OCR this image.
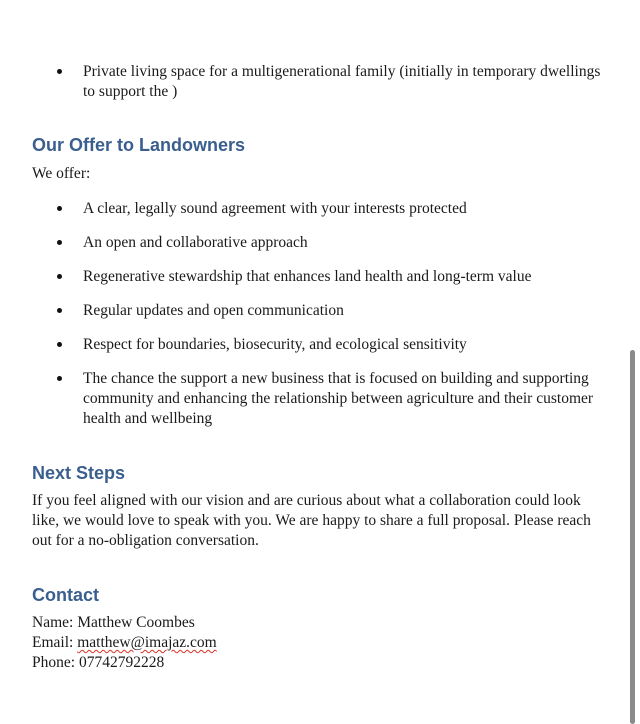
Private living space for a multigenerational family (initially in temporary dwellings
to support the )
Our Offer to Landowners

We offer:

A clear, legally sound agreement with your interests protected
An open and collaborative approach
Regenerative stewardship that enhances land health and long-term value
Regular updates and open communication
Respect for boundaries, biosecurity, and ecological sensitivity
The chance the support a new business that is focused on building and supporting
community and enhancing the relationship between agriculture and their customer
health and wellbeing
Next Steps
If you feel aligned with our vision and are curious about what a collaboration could look
like, we would love to speak with you. We are happy to share a full proposal. Please reach
out for a no-obligation conversation.
Contact
Name: Matthew Coombes
Email: matthew@imajaz.com
Phone: 07742792228
